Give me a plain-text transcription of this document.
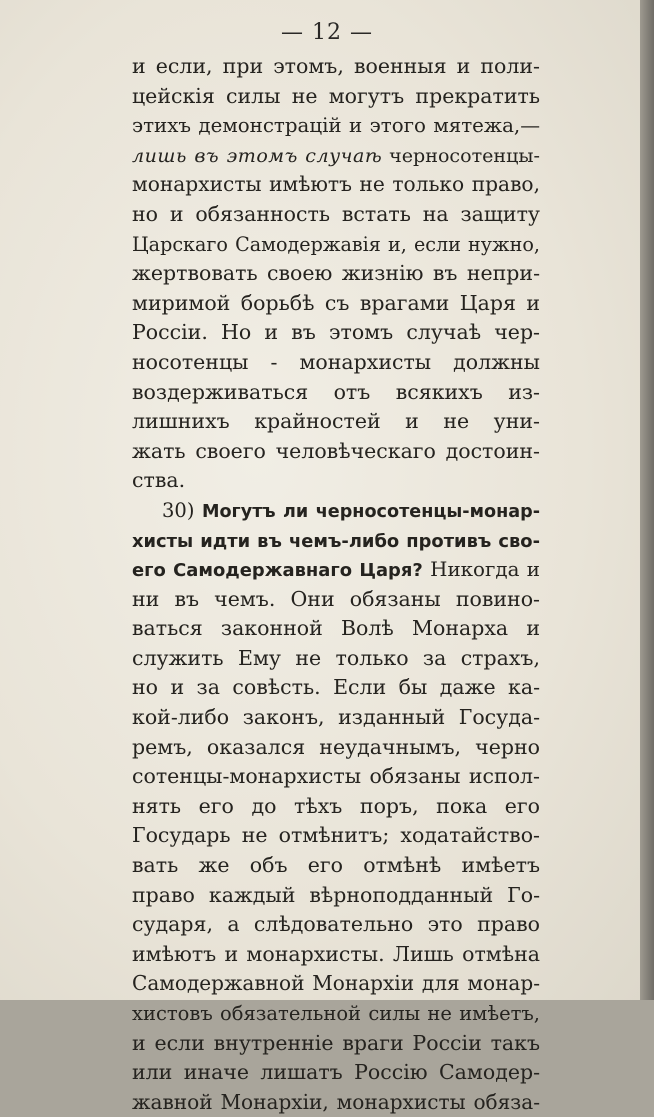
— 12 —
и если, при этомъ, военныя и поли-
цейскія силы не могутъ прекратить
этихъ демонстрацій и этого мятежа,—
лишь въ этомъ случаѣ черносотенцы-
монархисты имѣютъ не только право,
но и обязанность встать на защиту
Царскаго Самодержавія и, если нужно,
жертвовать своею жизнію въ непри-
миримой борьбѣ съ врагами Царя и
Россіи. Но и въ этомъ случаѣ чер-
носотенцы - монархисты должны
воздерживаться отъ всякихъ из-
лишнихъ крайностей и не уни-
жать своего человѣческаго достоин-
ства.
30) Могутъ ли черносотенцы-монар-
хисты идти въ чемъ-либо противъ сво-
его Самодержавнаго Царя? Никогда и
ни въ чемъ. Они обязаны повино-
ваться законной Волѣ Монарха и
служить Ему не только за страхъ,
но и за совѣсть. Если бы даже ка-
кой-либо законъ, изданный Госуда-
ремъ, оказался неудачнымъ, черно
сотенцы-монархисты обязаны испол-
нять его до тѣхъ поръ, пока его
Государь не отмѣнитъ; ходатайство-
вать же объ его отмѣнѣ имѣетъ
право каждый вѣрноподданный Го-
сударя, а слѣдовательно это право
имѣютъ и монархисты. Лишь отмѣна
Самодержавной Монархіи для монар-
хистовъ обязательной силы не имѣетъ,
и если внутренніе враги Россіи такъ
или иначе лишатъ Россію Самодер-
жавной Монархіи, монархисты обяза-
